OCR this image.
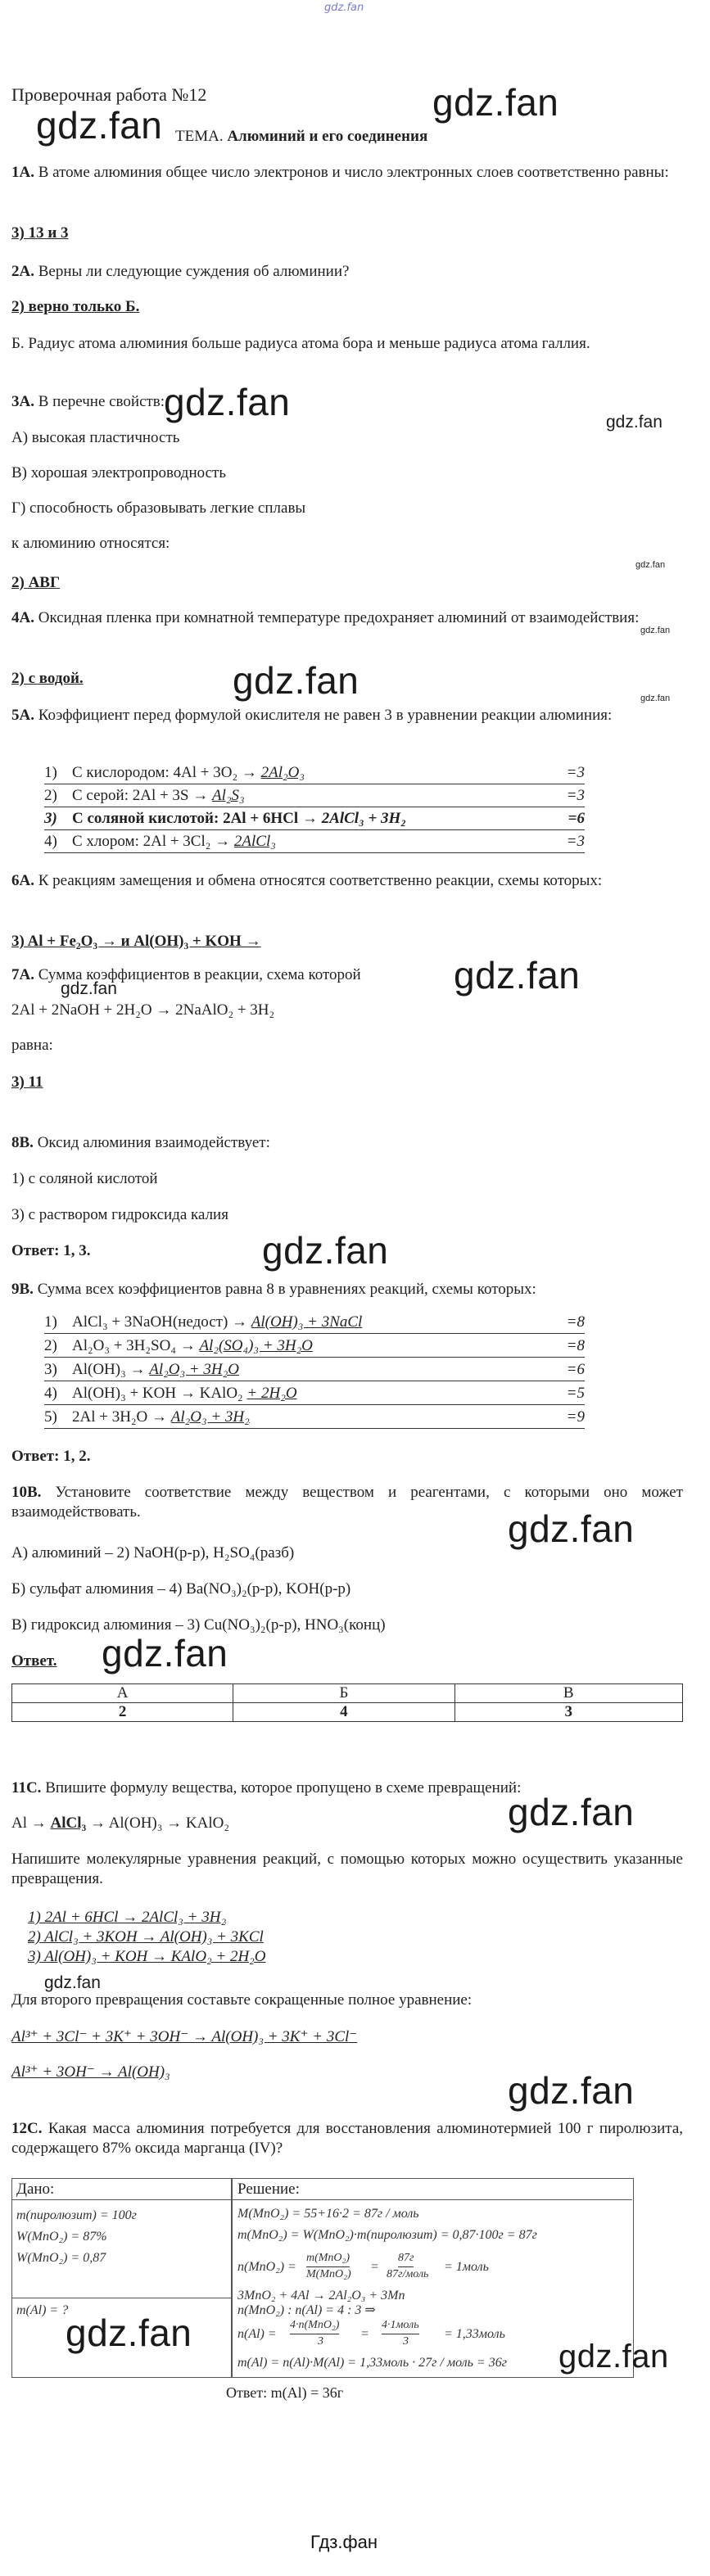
gdz.fan
Проверочная работа №12
ТЕМА. Алюминий и его соединения
1А. В атоме алюминия общее число электронов и число электронных слоев соответственно равны:
3) 13 и 3
2А. Верны ли следующие суждения об алюминии?
2) верно только Б.
Б. Радиус атома алюминия больше радиуса атома бора и меньше радиуса атома галлия.
3А. В перечне свойств:
А) высокая пластичность
В) хорошая электропроводность
Г) способность образовывать легкие сплавы
к алюминию относятся:
2) АВГ
4А. Оксидная пленка при комнатной температуре предохраняет алюминий от взаимодействия:
2) с водой.
5А. Коэффициент перед формулой окислителя не равен 3 в уравнении реакции алюминия:
1) С кислородом: 4Al + 3O₂ → 2Al₂O₃	=3
2) С серой: 2Al + 3S → Al₂S₃	=3
3) С соляной кислотой: 2Al + 6HCl → 2AlCl₃ + 3H₂	=6
4) С хлором: 2Al + 3Cl₂ → 2AlCl₃	=3
6А. К реакциям замещения и обмена относятся соответственно реакции, схемы которых:
3) Al + Fe₂O₃ → и Al(OH)₃ + KOH →
7А. Сумма коэффициентов в реакции, схема которой
2Al + 2NaOH + 2H₂O → 2NaAlO₂ + 3H₂
равна:
3) 11
8В. Оксид алюминия взаимодействует:
1) с соляной кислотой
3) с раствором гидроксида калия
Ответ: 1, 3.
9В. Сумма всех коэффициентов равна 8 в уравнениях реакций, схемы которых:
1) AlCl₃ + 3NaOH(недост) → Al(OH)₃ + 3NaCl	=8
2) Al₂O₃ + 3H₂SO₄ → Al₂(SO₄)₃ + 3H₂O	=8
3) Al(OH)₃ → Al₂O₃ + 3H₂O	=6
4) Al(OH)₃ + KOH → KAlO₂ + 2H₂O	=5
5) 2Al + 3H₂O → Al₂O₃ + 3H₂	=9
Ответ: 1, 2.
10В. Установите соответствие между веществом и реагентами, с которыми оно может взаимодействовать.
А) алюминий – 2) NaOH(р-р), H₂SO₄(разб)
Б) сульфат алюминия – 4) Ba(NO₃)₂(р-р), KOH(р-р)
В) гидроксид алюминия – 3) Cu(NO₃)₂(р-р), HNO₃(конц)
Ответ.
А	Б	В
2	4	3
11С. Впишите формулу вещества, которое пропущено в схеме превращений:
Al → AlCl₃ → Al(OH)₃ → KAlO₂
Напишите молекулярные уравнения реакций, с помощью которых можно осуществить указанные превращения.
1) 2Al + 6HCl → 2AlCl₃ + 3H₂
2) AlCl₃ + 3KOH → Al(OH)₃ + 3KCl
3) Al(OH)₃ + KOH → KAlO₂ + 2H₂O
Для второго превращения составьте сокращенные полное уравнение:
Al³⁺ + 3Cl⁻ + 3K⁺ + 3OH⁻ → Al(OH)₃ + 3K⁺ + 3Cl⁻
Al³⁺ + 3OH⁻ → Al(OH)₃
12С. Какая масса алюминия потребуется для восстановления алюминотермией 100 г пиролюзита, содержащего 87% оксида марганца (IV)?
Дано:	Решение:
m(пиролюзит) = 100г
W(MnO₂) = 87%
W(MnO₂) = 0,87
m(Al) = ?
M(MnO₂) = 55+16·2 = 87г / моль
m(MnO₂) = W(MnO₂)·m(пиролюзит) = 0,87·100г = 87г
n(MnO₂) =
m(MnO₂)
M(MnO₂)
=
87г
87г/моль
= 1моль
3MnO₂ + 4Al → 2Al₂O₃ + 3Mn
n(MnO₂) : n(Al) = 4 : 3 ⇒
n(Al) =
4·n(MnO₂)
3
=
4·1моль
3
= 1,33моль
m(Al) = n(Al)·M(Al) = 1,33моль · 27г / моль = 36г
Ответ: m(Al) = 36г
gdz.fan
gdz.fan
gdz.fan	gdz.fan
gdz.fan
gdz.fan
gdz.fan
gdz.fan
gdz.fan
gdz.fan
gdz.fan
gdz.fan
gdz.fan
gdz.fan
gdz.fan
gdz.fan
gdz.fan
gdz.fan
Гдз.фан
